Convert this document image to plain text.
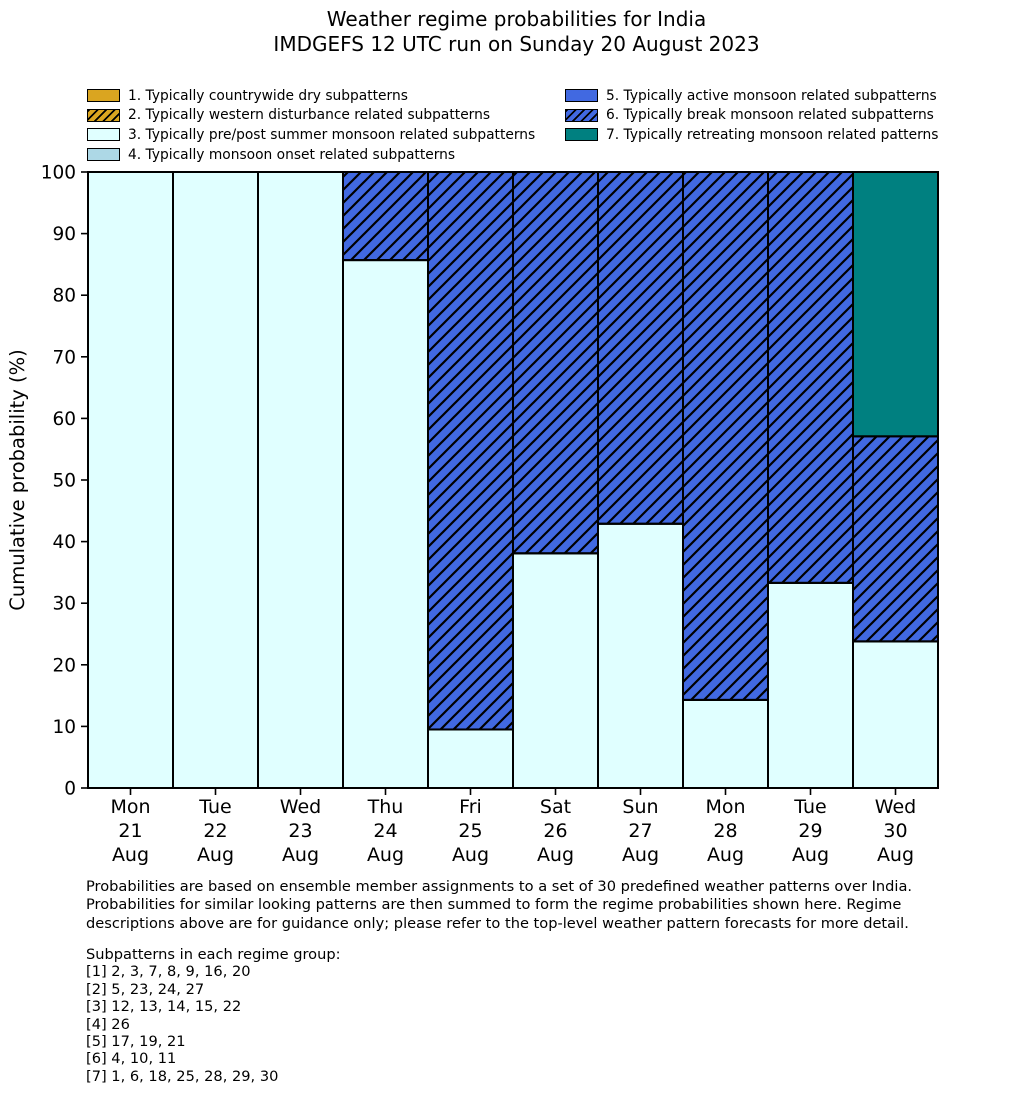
Weather regime probabilities for India
IMDGEFS 12 UTC run on Sunday 20 August 2023
1. Typically countrywide dry subpatterns
2. Typically western disturbance related subpatterns
3. Typically pre/post summer monsoon related subpatterns
4. Typically monsoon onset related subpatterns
5. Typically active monsoon related subpatterns
6. Typically break monsoon related subpatterns
7. Typically retreating monsoon related patterns
0
10
20
30
40
50
60
70
80
90
100
Mon 21 Aug
Tue 22 Aug
Wed 23 Aug
Thu 24 Aug
Fri 25 Aug
Sat 26 Aug
Sun 27 Aug
Mon 28 Aug
Tue 29 Aug
Wed 30 Aug
Cumulative probability (%)
Probabilities are based on ensemble member assignments to a set of 30 predefined weather patterns over India.
Probabilities for similar looking patterns are then summed to form the regime probabilities shown here. Regime
descriptions above are for guidance only; please refer to the top-level weather pattern forecasts for more detail.
Subpatterns in each regime group:
[1] 2, 3, 7, 8, 9, 16, 20
[2] 5, 23, 24, 27
[3] 12, 13, 14, 15, 22
[4] 26
[5] 17, 19, 21
[6] 4, 10, 11
[7] 1, 6, 18, 25, 28, 29, 30
